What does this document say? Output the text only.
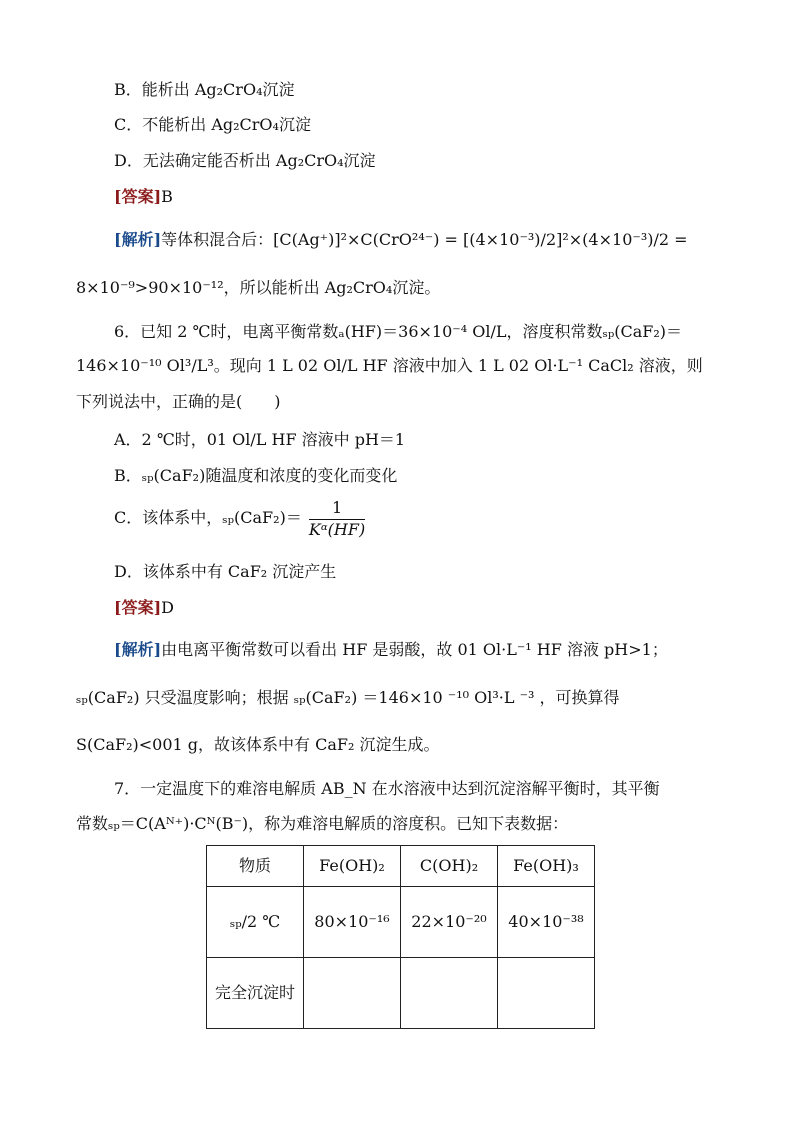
B．能析出 Ag₂CrO₄沉淀
C．不能析出 Ag₂CrO₄沉淀
D．无法确定能否析出 Ag₂CrO₄沉淀
[答案]B
[解析]等体积混合后：[C(Ag⁺)]²×C(CrO²⁴⁻) = [(4×10⁻³)/2]²×(4×10⁻³)/2 =
8×10⁻⁹>90×10⁻¹²，所以能析出 Ag₂CrO₄沉淀。
6．已知 2 ℃时，电离平衡常数ₐ(HF)＝36×10⁻⁴ Ol/L，溶度积常数ₛₚ(CaF₂)＝
146×10⁻¹⁰ Ol³/L³。现向 1 L 02 Ol/L HF 溶液中加入 1 L 02 Ol·L⁻¹ CaCl₂ 溶液，则
下列说法中，正确的是(　　)
A．2 ℃时，01 Ol/L HF 溶液中 pH＝1
B．ₛₚ(CaF₂)随温度和浓度的变化而变化
C．该体系中，$_{sp}(CaF_2)= \frac{1}{\text{Kᵅ(HF)}}$
D．该体系中有 CaF₂ 沉淀产生
[答案]D
[解析]由电离平衡常数可以看出 HF 是弱酸，故 01 Ol·L⁻¹ HF 溶液 pH>1；
ₛₚ(CaF₂) 只受温度影响；根据 ₛₚ(CaF₂) ＝146×10 ⁻¹⁰ Ol³·L ⁻³ ，可换算得
S(CaF₂)<001 g，故该体系中有 CaF₂ 沉淀生成。
7．一定温度下的难溶电解质 AB_N 在水溶液中达到沉淀溶解平衡时，其平衡
常数ₛₚ＝C(Aᴺ⁺)·Cᴺ(B⁻)，称为难溶电解质的溶度积。已知下表数据：
物质	Fe(OH)₂	C(OH)₂	Fe(OH)₃
ₛₚ/2 ℃	80×10⁻¹⁶	22×10⁻²⁰	40×10⁻³⁸
完全沉淀时			
